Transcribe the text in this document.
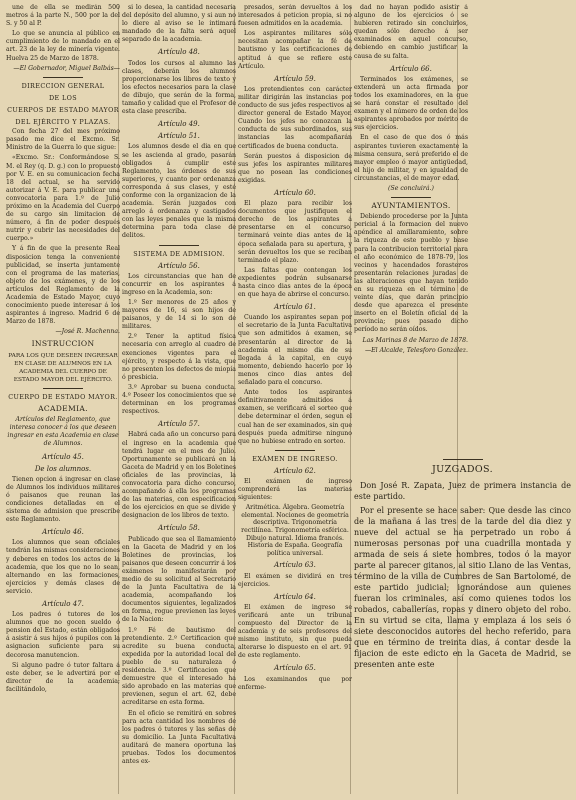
une de ella se medirán 500 metros á la parte N., 500 por la del S. y 50 al P.

Lo que se anuncia al público en cumplimiento de lo mandado en el art. 23 de la ley de minería vigente. Huelva 25 de Marzo de 1878.

—El Gobernador, Miguel Balbás—

DIRECCION GENERAL
DE LOS
CUERPOS DE ESTADO MAYOR
DEL EJÉRCITO Y PLAZAS.

Con fecha 27 del mes próximo pasado me dice el Excmo. Sr. Ministro de la Guerra lo que sigue:

«Excmo. Sr.: Conformándose S. M. el Rey (q. D. g.) con lo propuesto por V. E. en su comunicacion fecha 18 del actual, se ha servido autorizar á V. E. para publicar una convocatoria para 1.º de Julio próximo en la Academia del Cuerpo de su cargo sin limitacion de número, á fin de poder después nutrir y cubrir las necesidades del cuerpo.»

Y á fin de que la presente Real disposicion tenga la conveniente publicidad, se inserta juntamente con el programa de las materias, objeto de los exámenes, y de los artículos del Reglamento de la Academia de Estado Mayor, cuyo conocimiento puede interesar á los aspirantes á ingreso. Madrid 6 de Marzo de 1878.

—José R. Machenna.

INSTRUCCION

PARA LOS QUE DESEEN INGRESAR EN CLASE DE ALUMNOS EN LA ACADEMIA DEL CUERPO DE ESTADO MAYOR DEL EJÉRCITO.

CUERPO DE ESTADO MAYOR.
ACADEMIA.

Artículos del Reglamento, que interesa conocer á los que deseen ingresar en esta Academia en clase de Alumnos.

Artículo 45.
De los alumnos.

Tienen opcion á ingresar en clase de Alumnos los individuos militares ó paisanos que reunan las condiciones detalladas en el sistema de admision que prescribe este Reglamento.

Artículo 46.

Los alumnos que sean oficiales tendrán las mismas consideraciones y deberes en todos los actos de la academia, que los que no lo sean, alternando en las formaciones, ejercicios y demás clases de servicio.

Artículo 47.

Los padres ó tutores de los alumnos que no gocen sueldo ó pension del Estado, están obligados á asistir á sus hijos ó pupilos con la asignacion suficiente para su decorosa manutencion.

Si alguno padre ó tutor faltara á este deber, se le advertirá por el director de la academia; facilitándolo,

si lo desea, la cantidad necesaria del depósito del alumno, y si aun no lo diere al aviso se le intimará mandado de la falta será aquel separado de la academia.

Artículo 48.

Todos los cursos al alumno las clases, deberán los alumnos proporcionarse los libros de texto y los efectos necesarios para la clase de dibujo, que serán de la forma, tamaño y calidad que el Profesor de esta clase prescriba.

Artículo 49.

Artículo 51.

Los alumnos desde el dia en que se les ascienda al grado, pasarán obligados á cumplir este Reglamento, las órdenes de sus superiores, y cuanto por ordenanza corresponda á sus clases, y esté conforme con la organizacion de la academia. Serán juzgados con arreglo á ordenanza y castigados con las leyes penales que la misma determina para toda clase de delitos.

SISTEMA DE ADMISION.
Artículo 56.

Los circunstancias que han de concurrir en los aspirantes á ingreso en la Academia, son:

1.º Ser menores de 25 años y mayores de 16, si son hijos de paisanos, y de 14 si lo son de militares.

2.º Tener la aptitud física necesaria con arreglo al cuadro de exenciones vigentes para el ejército, y respecto á la vista, que no presenten los defectos de miopía ó presbicia.

3.º Aprobar su buena conducta. 4.º Poseer los conocimientos que se determinan en los programas respectivos.

Artículo 57.

Habrá cada año un concurso para el ingreso en la academia que tendrá lugar en el mes de Julio. Oportunamente se publicará en la Gaceta de Madrid y en los Boletines oficiales de las provincias, la convocatoria para dicho concurso, acompañando á ella los programas de las materias, con especificacion de los ejercicios en que se divide y designacion de los libros de texto.

Artículo 58.

Publicado que sea el llamamiento en la Gaceta de Madrid y en los Boletines de provincias, los paisanos que deseen concurrir á los exámenes lo manifestarán por medio de su solicitud al Secretario de la Junta Facultativa de la academia, acompañando los documentos siguientes, legalizados en forma, rogue previenen las leyes de la Nacion:

1.º Fé de bautismo del pretendiente. 2.º Certificacion que acredite su buena conducta, expedida por la autoridad local del pueblo de su naturaleza ó residencia. 3.º Certificacion que demuestre que el interesado ha sido aprobado en las materias que previenen, segun el art. 62, debe acreditarse en esta forma.

En el oficio se remitirá en sobres para acta cantidad los nombres de los padres ó tutores y las señas de su domicilio. La Junta Facultativa auditará de manera oportuna las pruebas. Todos los documentos antes ex-

presados, serán devueltos á los interesados á peticion propia, si no fuesen admitidos en la academia.

Los aspirantes militares sólo necesitan acompañar la fé de bautismo y las certificaciones de aptitud á que se refiere este Artículo.

Artículo 59.

Los pretendientes con carácter militar dirigirán las instancias por conducto de sus jefes respectivos al director general de Estado Mayor. Cuando los jefes no conozcan la conducta de sus subordinados, sus instancias las acompañarán certificados de buena conducta.

Serán puestos á disposicion de sus jefes los aspirantes militares que no posean las condiciones exigidas.

Artículo 60.

El plazo para recibir los documentos que justifiquen el derecho de los aspirantes á presentarse en el concurso, terminará veinte dias antes de la época señalada para su apertura, y serán devueltos los que se reciban terminado el plazo.

Las faltas que contengan los expedientes podrán subsanarse hasta cinco dias antes de la época en que haya de abrirse el concurso.

Artículo 61.

Cuando los aspirantes sepan por el secretario de la Junta Facultativa que son admitidos á examen, se presentarán al director de la academia el mismo dia de su llegada á la capital, en cuyo momento, debiendo hacerlo por lo menos cinco dias antes del señalado para el concurso.

Ante todos los aspirantes definitivamente admitidos á examen, se verificará el sorteo que debe determinar el órden, segun el cual han de ser examinados, sin que después pueda admitirse ninguno que no hubiese entrado en sorteo.

EXÁMEN DE INGRESO.
Artículo 62.

El exámen de ingreso comprenderá las materias siguientes:

Aritmética. Álgebra. Geometría elemental. Nociones de geometría descriptiva. Trigonometría rectilínea. Trigonometría esférica. Dibujo natural. Idioma francés. Historia de España. Geografía política universal.

Artículo 63.

El exámen se dividirá en tres ejercicios.

Artículo 64.

El exámen de ingreso se verificará ante un tribunal compuesto del Director de la academia y de seis profesores del mismo instituto, sin que pueda alterarse lo dispuesto en el art. 91 de este reglamento.

Artículo 65.

Los examinandos que por enferme-

dad no hayan podido asistir á alguno de los ejercicios ó se hubieren retirado sin concluirlos, quedan sólo derecho á ser examinados en aquel concurso, debiendo en cambio justificar la causa de su falta.

Artículo 66.

Terminados los exámenes, se extenderá un acta firmada por todos los examinadores, en la que se hará constar el resultado del examen y el número de orden de los aspirantes aprobados por mérito de sus ejercicios.

En el caso de que dos ó más aspirantes tuvieren exactamente la misma censura, será preferido el de mayor empleo ó mayor antigüedad, el hijo de militar, y en igualdad de circunstancias, el de mayor edad.

(Se concluirá.)

AYUNTAMIENTOS.

Debiendo procederse por la Junta pericial á la formacion del nuevo apéndice al amillaramiento, sobre la riqueza de este pueblo y base para la contribucion territorial para el año económico de 1878-79, los vecinos y hacendados forasteros presentarán relaciones juradas de las alteraciones que hayan tenido en su riqueza en el término de veinte días, que darán principio desde que aparezca el presente inserto en el Boletín oficial de la provincia; pues pasado dicho período no serán oídos.

Las Marinas 8 de Marzo de 1878.

—El Alcalde, Telesforo González.

JUZGADOS.

Don José R. Zapata, Juez de primera instancia de este partido.

Por el presente se hace saber: Que desde las cinco de la mañana á las tres de la tarde del dia diez y nueve del actual se ha perpetrado un robo á numerosas personas por una cuadrilla montada y armada de seis á siete hombres, todos ó la mayor parte al parecer gitanos, al sitio Llano de las Ventas, término de la villa de Cumbres de San Bartolomé, de este partido judicial; ignorándose aun quienes fueran los criminales, así como quienes todos los robados, caballerías, ropas y dinero objeto del robo. En su virtud se cita, llama y emplaza á los seis ó siete desconocidos autores del hecho referido, para que en término de treinta dias, á contar desde la fijacion de este edicto en la Gaceta de Madrid, se presenten ante este
